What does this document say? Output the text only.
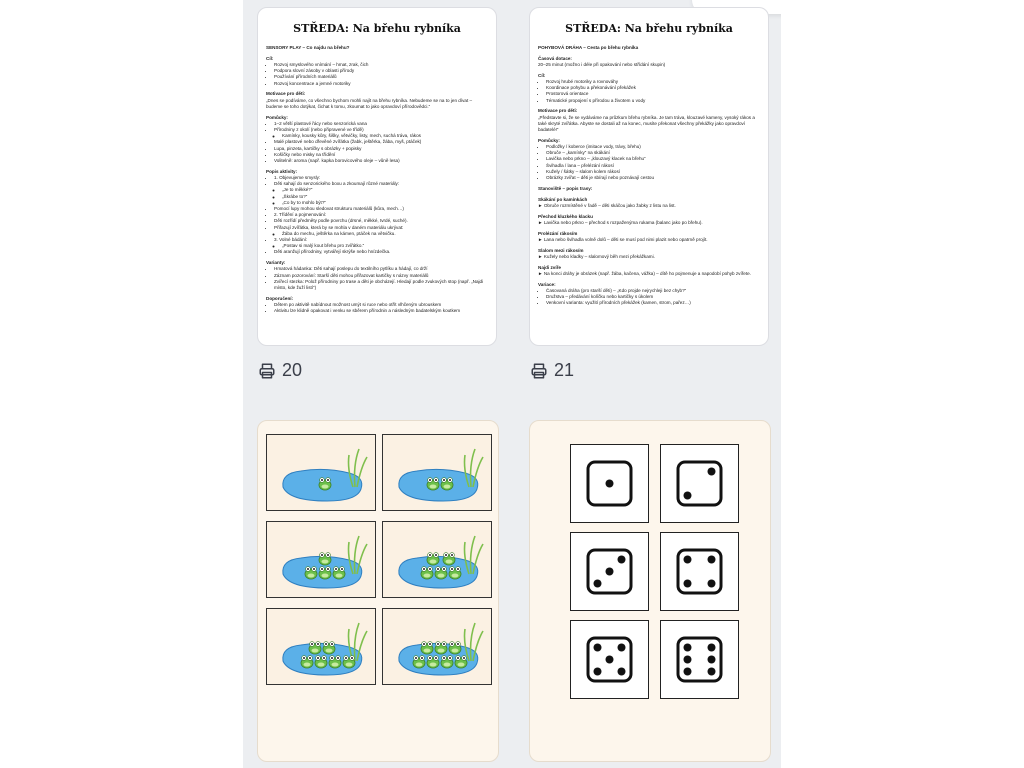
STŘEDA: Na břehu rybníka
SENSORY PLAY – Co najdu na břehu?
Cíl:
• Rozvoj smyslového vnímání – hmat, zrak, čich
• Podpora slovní zásoby v oblasti přírody
• Používání přírodních materiálů
• Rozvoj koncentrace a jemné motoriky
Motivace pro děti:

„Dnes se podíváme, co všechno bychom mohli najít na břehu rybníka. Nebudeme se na to jen dívat – budeme se toho dotýkat, čichat k tomu, zkoumat to jako opravdoví přírodovědci.“

Pomůcky:
• 1–2 větší plastové řácy nebo senzorická vana
• Přírodniny z okolí (nebo připravené ve třídě)
◦ Kamínky, kousky kůry, šišky, větvičky, listy, mech, suchá tráva, rákos
• Malé plastové nebo dřevěné zvířátka (žabk, ještěrka, žába, myš, ptáček)
• Lupa, pinzeta, kartičky s obrázky + popisky
• Košíčky nebo misky na třídění
• Volitelně: aroma (např. kapka borovicového oleje – vůně lesa)
Popis aktivity:
• 1. Objevujeme smysly:
• Děti sahají do senzorického boxu a zkoumají různé materiály:
◦ „Je to měkké?“
◦ „Škrábe to?“
◦ „Co by to mohlo být?“
• Pomocí lupy mohou sledovat strukturu materiálů (kůra, mech…)
• 2. Třídění a pojmenování:
• Děti rozřídí předměty podle povrchu (drsné, měkké, tvrdé, suché).
• Přiřazují zvířátka, která by se mohla v daném materiálu ukrývat:
◦ Žába do mechu, ještěrka na kámen, ptáček na větvičku.
• 3. Volné bádání:
◦ „Postav si malý kout břehu pro zvířátko.“
• Děti aranžují přírodniny, vytvářejí skrýše nebo hnízdečka.
Varianty:
• Hmatová hádanka: Děti sahají poslepu do textilního pytlíku a hádají, co drží
• Záznam pozorování: Starší děti mohou přiřazovat kartičky s názvy materiálů
• Zvířecí stezka: Polož přírodniny po trase a děti je obcházejí. Hledají podle zvukových stop (např. „Najdi místo, kde žuží listí“)
Doporučení:
• Dětem po aktivitě nabídnout možnost umýt si ruce nebo otřít vlhčeným ubrouskem
• Aktivitu lze klidně opakovat i venku se sběrem přírodnin a následným badatelským koutkem
STŘEDA: Na břehu rybníka
POHYBOVÁ DRÁHA – Cesta po břehu rybníka
Časová dotace:

20–25 minut (možno i déle při opakování nebo střídání skupin)

Cíl:
• Rozvoj hrubé motoriky a rovnováhy
• Koordinace pohybu a překonávání překážek
• Prostorová orientace
• Tématické propojení s přírodou a životem u vody
Motivace pro děti:

„Představte si, že se vydáváme na průzkum břehu rybníka. Je tam tráva, klouzavé kameny, vysoký rákos a také skryté zvířátka. Abyste se dostali až na konec, musíte překonat všechny překážky jako opravdoví badatelé!“

Pomůcky:
• Podložky / koberce (imitace vody, trávy, břehu)
• Obruče – „kamínky“ na skákání
• Lavička nebo prkno – „klouzavý klacek na břehu“
• Švihadla / lana – přelézání rákosí
• Kužely / šátky – slalom kolem rákosí
• Obrázky zvířat – děti je sbírají nebo poznávají cestou
Stanoviště – popis trasy:
Skákání po kamínkách

► Obruče rozmístěné v řadě – děti skáčou jako žabky z listu na list.

Přechod kluzkého klacku

► Lavička nebo prkno – přechod s rozpaženýma rukama (balanc jako po břehu).

Prolézání rákosím

► Lana nebo švihadla volně dolů – děti se musí pod nimi plazit nebo opatrně projít.

Slalom mezi rákosím

► Kužely nebo kladky – slalomový běh mezi překážkami.

Najdi zvíře

► Na konci dráhy je obrázek (např. žába, kačena, vážka) – dítě ho pojmenuje a napodobí pohyb zvířete.

Variace:
• Časovaná dráha (pro starší děti) – „Kdo projde nejrychleji bez chyb?“
• Družstva – předávání kolíčku nebo kartičky s úkolem
• Venkovní varianta: využití přírodních překážek (kamen, strom, pařez…)
20	21
